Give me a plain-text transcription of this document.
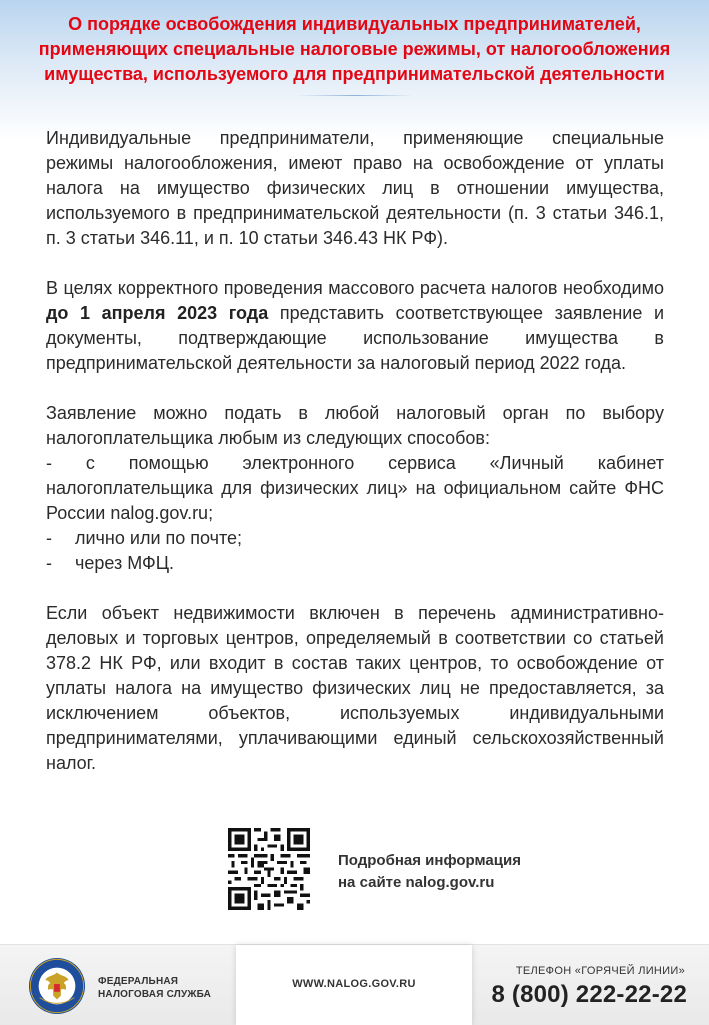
О порядке освобождения индивидуальных предпринимателей,
применяющих специальные налоговые режимы, от налогообложения
имущества, используемого для предпринимательской деятельности

Индивидуальные предприниматели, применяющие специальные режимы налогообложения, имеют право на освобождение от уплаты налога на имущество физических лиц в отношении имущества, используемого в предпринимательской деятельности (п. 3 статьи 346.1, п. 3 статьи 346.11, и п. 10 статьи 346.43 НК РФ).

В целях корректного проведения массового расчета налогов необходимо до 1 апреля 2023 года представить соответствующее заявление и документы, подтверждающие использование имущества в предпринимательской деятельности за налоговый период 2022 года.

Заявление можно подать в любой налоговый орган по выбору налогоплательщика любым из следующих способов:

- с помощью электронного сервиса «Личный кабинет

налогоплательщика для физических лиц» на официальном сайте ФНС России nalog.gov.ru;

-	лично или по почте;
-	через МФЦ.

Если объект недвижимости включен в перечень административно-деловых и торговых центров, определяемый в соответствии со статьей 378.2 НК РФ, или входит в состав таких центров, то освобождение от уплаты налога на имущество физических лиц не предоставляется, за исключением объектов, используемых индивидуальными предпринимателями, уплачивающими единый сельскохозяйственный налог.

Подробная информация
на сайте nalog.gov.ru
ФЕДЕРАЛЬНАЯ
НАЛОГОВАЯ СЛУЖБА
WWW.NALOG.GOV.RU
ТЕЛЕФОН «ГОРЯЧЕЙ ЛИНИИ»
8 (800) 222-22-22
